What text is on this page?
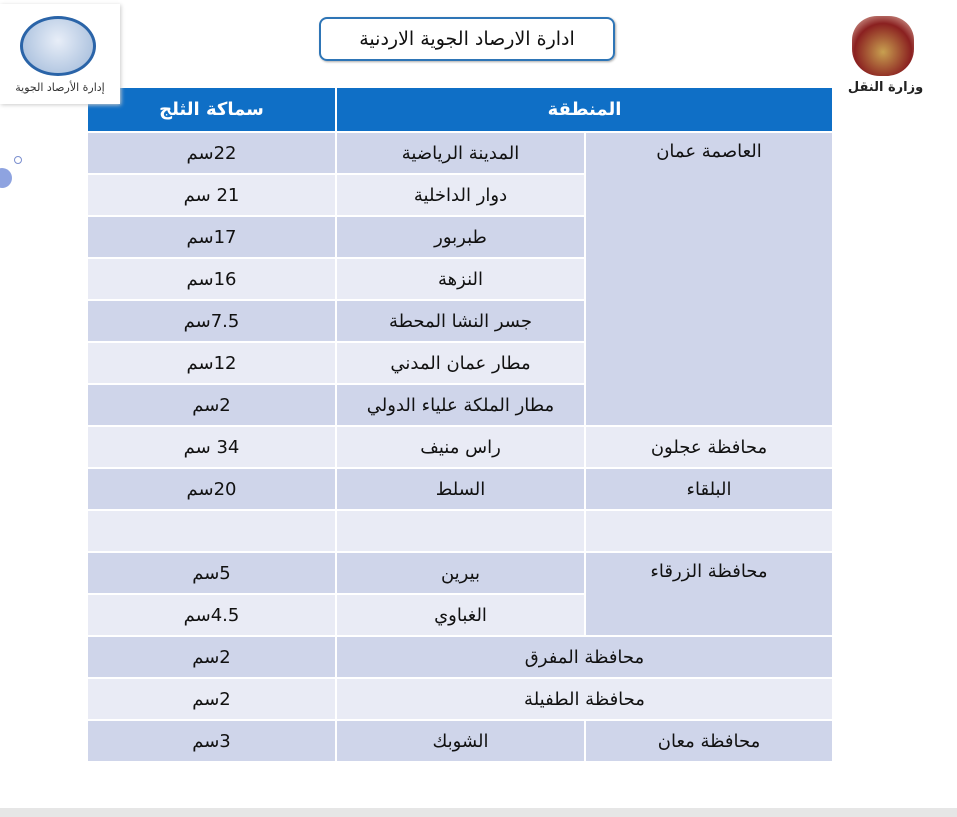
إدارة الأرصاد الجوية
ادارة الارصاد الجوية الاردنية
وزارة النقل
المنطقة		سماكة الثلج
العاصمة عمان	المدينة الرياضية	22سم
	دوار الداخلية	21 سم
	طبربور	17سم
	النزهة	16سم
	جسر النشا المحطة	7.5سم
	مطار عمان المدني	12سم
	مطار الملكة علياء الدولي	2سم
محافظة عجلون	راس منيف	34 سم
البلقاء	السلط	20سم

محافظة الزرقاء	بيرين	5سم
	الغباوي	4.5سم
محافظة المفرق		2سم
محافظة الطفيلة		2سم
محافظة معان	الشوبك	3سم
